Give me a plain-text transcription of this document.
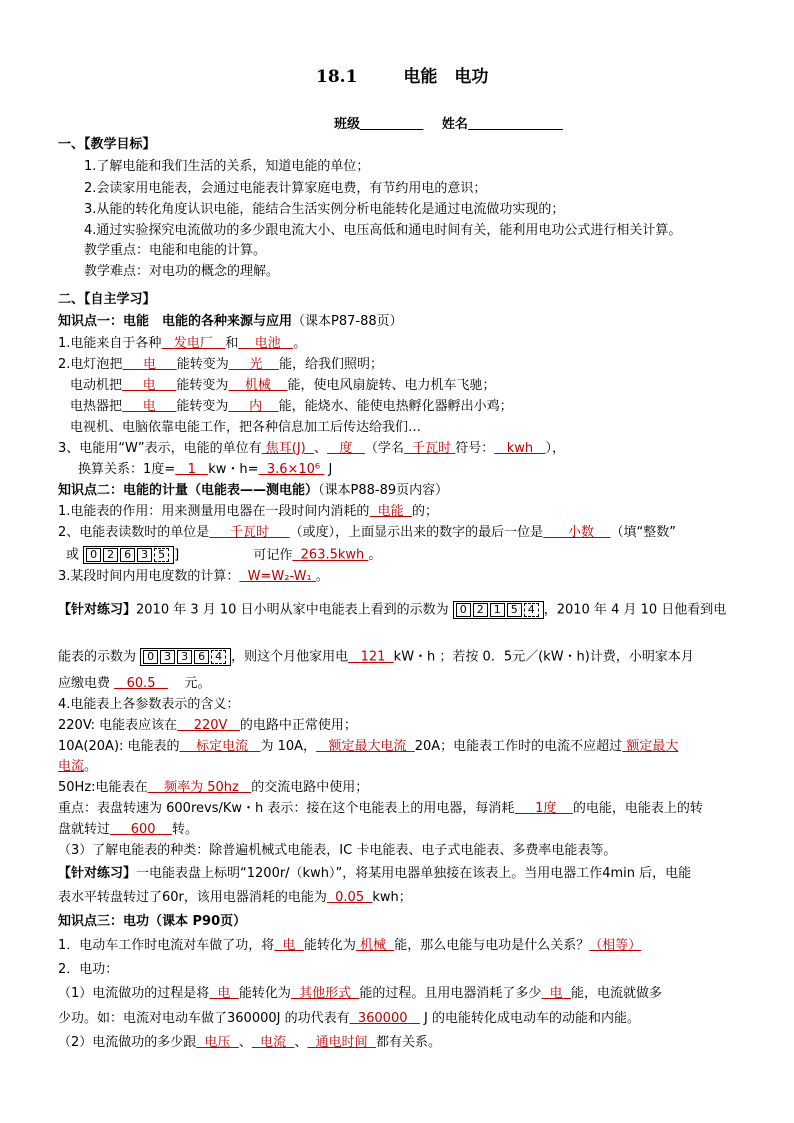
18.1	电能　电功
班级	姓名
一、【教学目标】
1.了解电能和我们生活的关系，知道电能的单位；
2.会读家用电能表，会通过电能表计算家庭电费，有节约用电的意识；
3.从能的转化角度认识电能，能结合生活实例分析电能转化是通过电流做功实现的；
4.通过实验探究电流做功的多少跟电流大小、电压高低和通电时间有关，能利用电功公式进行相关计算。
教学重点：电能和电能的计算。
教学难点：对电功的概念的理解。
二、【自主学习】
知识点一：电能　电能的各种来源与应用（课本P87-88页）
1.电能来自于各种 发电厂 和 电池 。
2.电灯泡把 电 能转变为 光 能，给我们照明；
电动机把 电 能转变为 机械 能，使电风扇旋转、电力机车飞驰；
电热器把 电 能转变为 内 能，能烧水、能使电热孵化器孵出小鸡；
电视机、电脑依靠电能工作，把各种信息加工后传达给我们…
3、电能用“W”表示，电能的单位有 焦耳(J) 、 度 （学名 千瓦时 符号： kwh ），
换算关系：1度= 1 kw・h= 3.6×10⁶ J
知识点二：电能的计量（电能表——测电能）（课本P88-89页内容）
1.电能表的作用：用来测量用电器在一段时间内消耗的 电能 的；
2、电能表读数时的单位是 千瓦时 （或度），上面显示出来的数字的最后一位是 小数 （填“整数”
或 0 2 6 3 5 ]	可记作 263.5kwh 。
3.某段时间内用电度数的计算： W=W₂-W₁ 。
【针对练习】2010 年 3 月 10 日小明从家中电能表上看到的示数为 0 2 1 5 4 ，2010 年 4 月 10 日他看到电
能表的示数为 0 3 3 6 4 ，则这个月他家用电 121 kW・h ；若按 0．5元／(kW・h)计费，小明家本月
应缴电费 60.5 元。
4.电能表上各参数表示的含义：
220V: 电能表应该在 220V 的电路中正常使用；
10A(20A): 电能表的 标定电流 为 10A， 额定最大电流 20A；电能表工作时的电流不应超过 额定最大
电流。
50Hz:电能表在 频率为 50hz 的交流电路中使用；
重点：表盘转速为 600revs/Kw・h 表示：接在这个电能表上的用电器，每消耗 1度 的电能，电能表上的转
盘就转过 600 转。
（3）了解电能表的种类：除普遍机械式电能表，IC 卡电能表、电子式电能表、多费率电能表等。
【针对练习】一电能表盘上标明“1200r/（kwh）”，将某用电器单独接在该表上。当用电器工作4min 后，电能
表水平转盘转过了60r，该用电器消耗的电能为 0.05 kwh；
知识点三：电功（课本 P90页）
1．电动车工作时电流对车做了功，将 电 能转化为 机械 能，那么电能与电功是什么关系？（相等）
2．电功：
（1）电流做功的过程是将 电 能转化为 其他形式 能的过程。且用电器消耗了多少 电 能，电流就做多
少功。如：电流对电动车做了360000J 的功代表有 360000 J 的电能转化成电动车的动能和内能。
（2）电流做功的多少跟 电压 、 电流 、 通电时间 都有关系。
